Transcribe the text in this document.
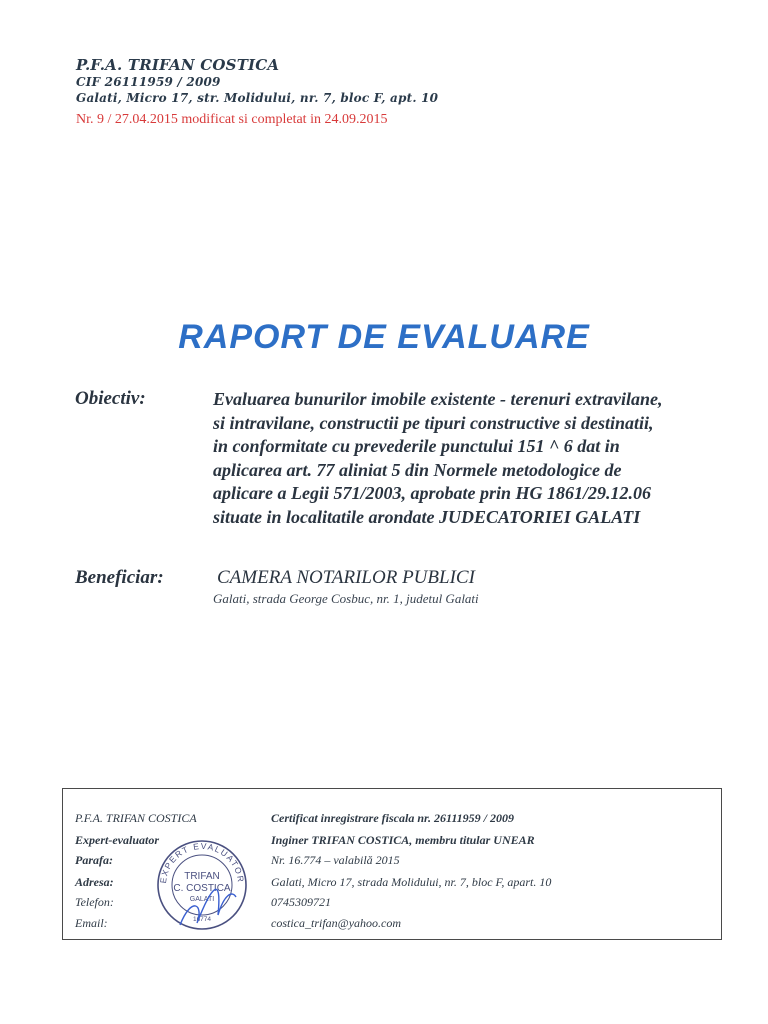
P.F.A. TRIFAN COSTICA
CIF 26111959 / 2009
Galati, Micro 17, str. Molidului, nr. 7, bloc F, apt. 10
Nr. 9 / 27.04.2015 modificat si completat in 24.09.2015
RAPORT DE EVALUARE
Obiectiv:	Evaluarea bunurilor imobile existente - terenuri extravilane,
si intravilane, constructii pe tipuri constructive si destinatii,
in conformitate cu prevederile punctului 151 ^ 6 dat in
aplicarea art. 77 aliniat 5 din Normele metodologice de
aplicare a Legii 571/2003, aprobate prin HG 1861/29.12.06
situate in localitatile arondate JUDECATORIEI GALATI
Beneficiar:	CAMERA NOTARILOR PUBLICI
Galati, strada George Cosbuc, nr. 1, judetul Galati
P.F.A. TRIFAN COSTICA	Certificat inregistrare fiscala nr. 26111959 / 2009
Expert-evaluator	Inginer TRIFAN COSTICA, membru titular UNEAR
Parafa:	Nr. 16.774 – valabilă 2015
Adresa:	Galati, Micro 17, strada Molidului, nr. 7, bloc F, apart. 10
Telefon:	0745309721
Email:	costica_trifan@yahoo.com
EXPERT EVALUATOR
TRIFAN
C. COSTICA
GALATI
16774
